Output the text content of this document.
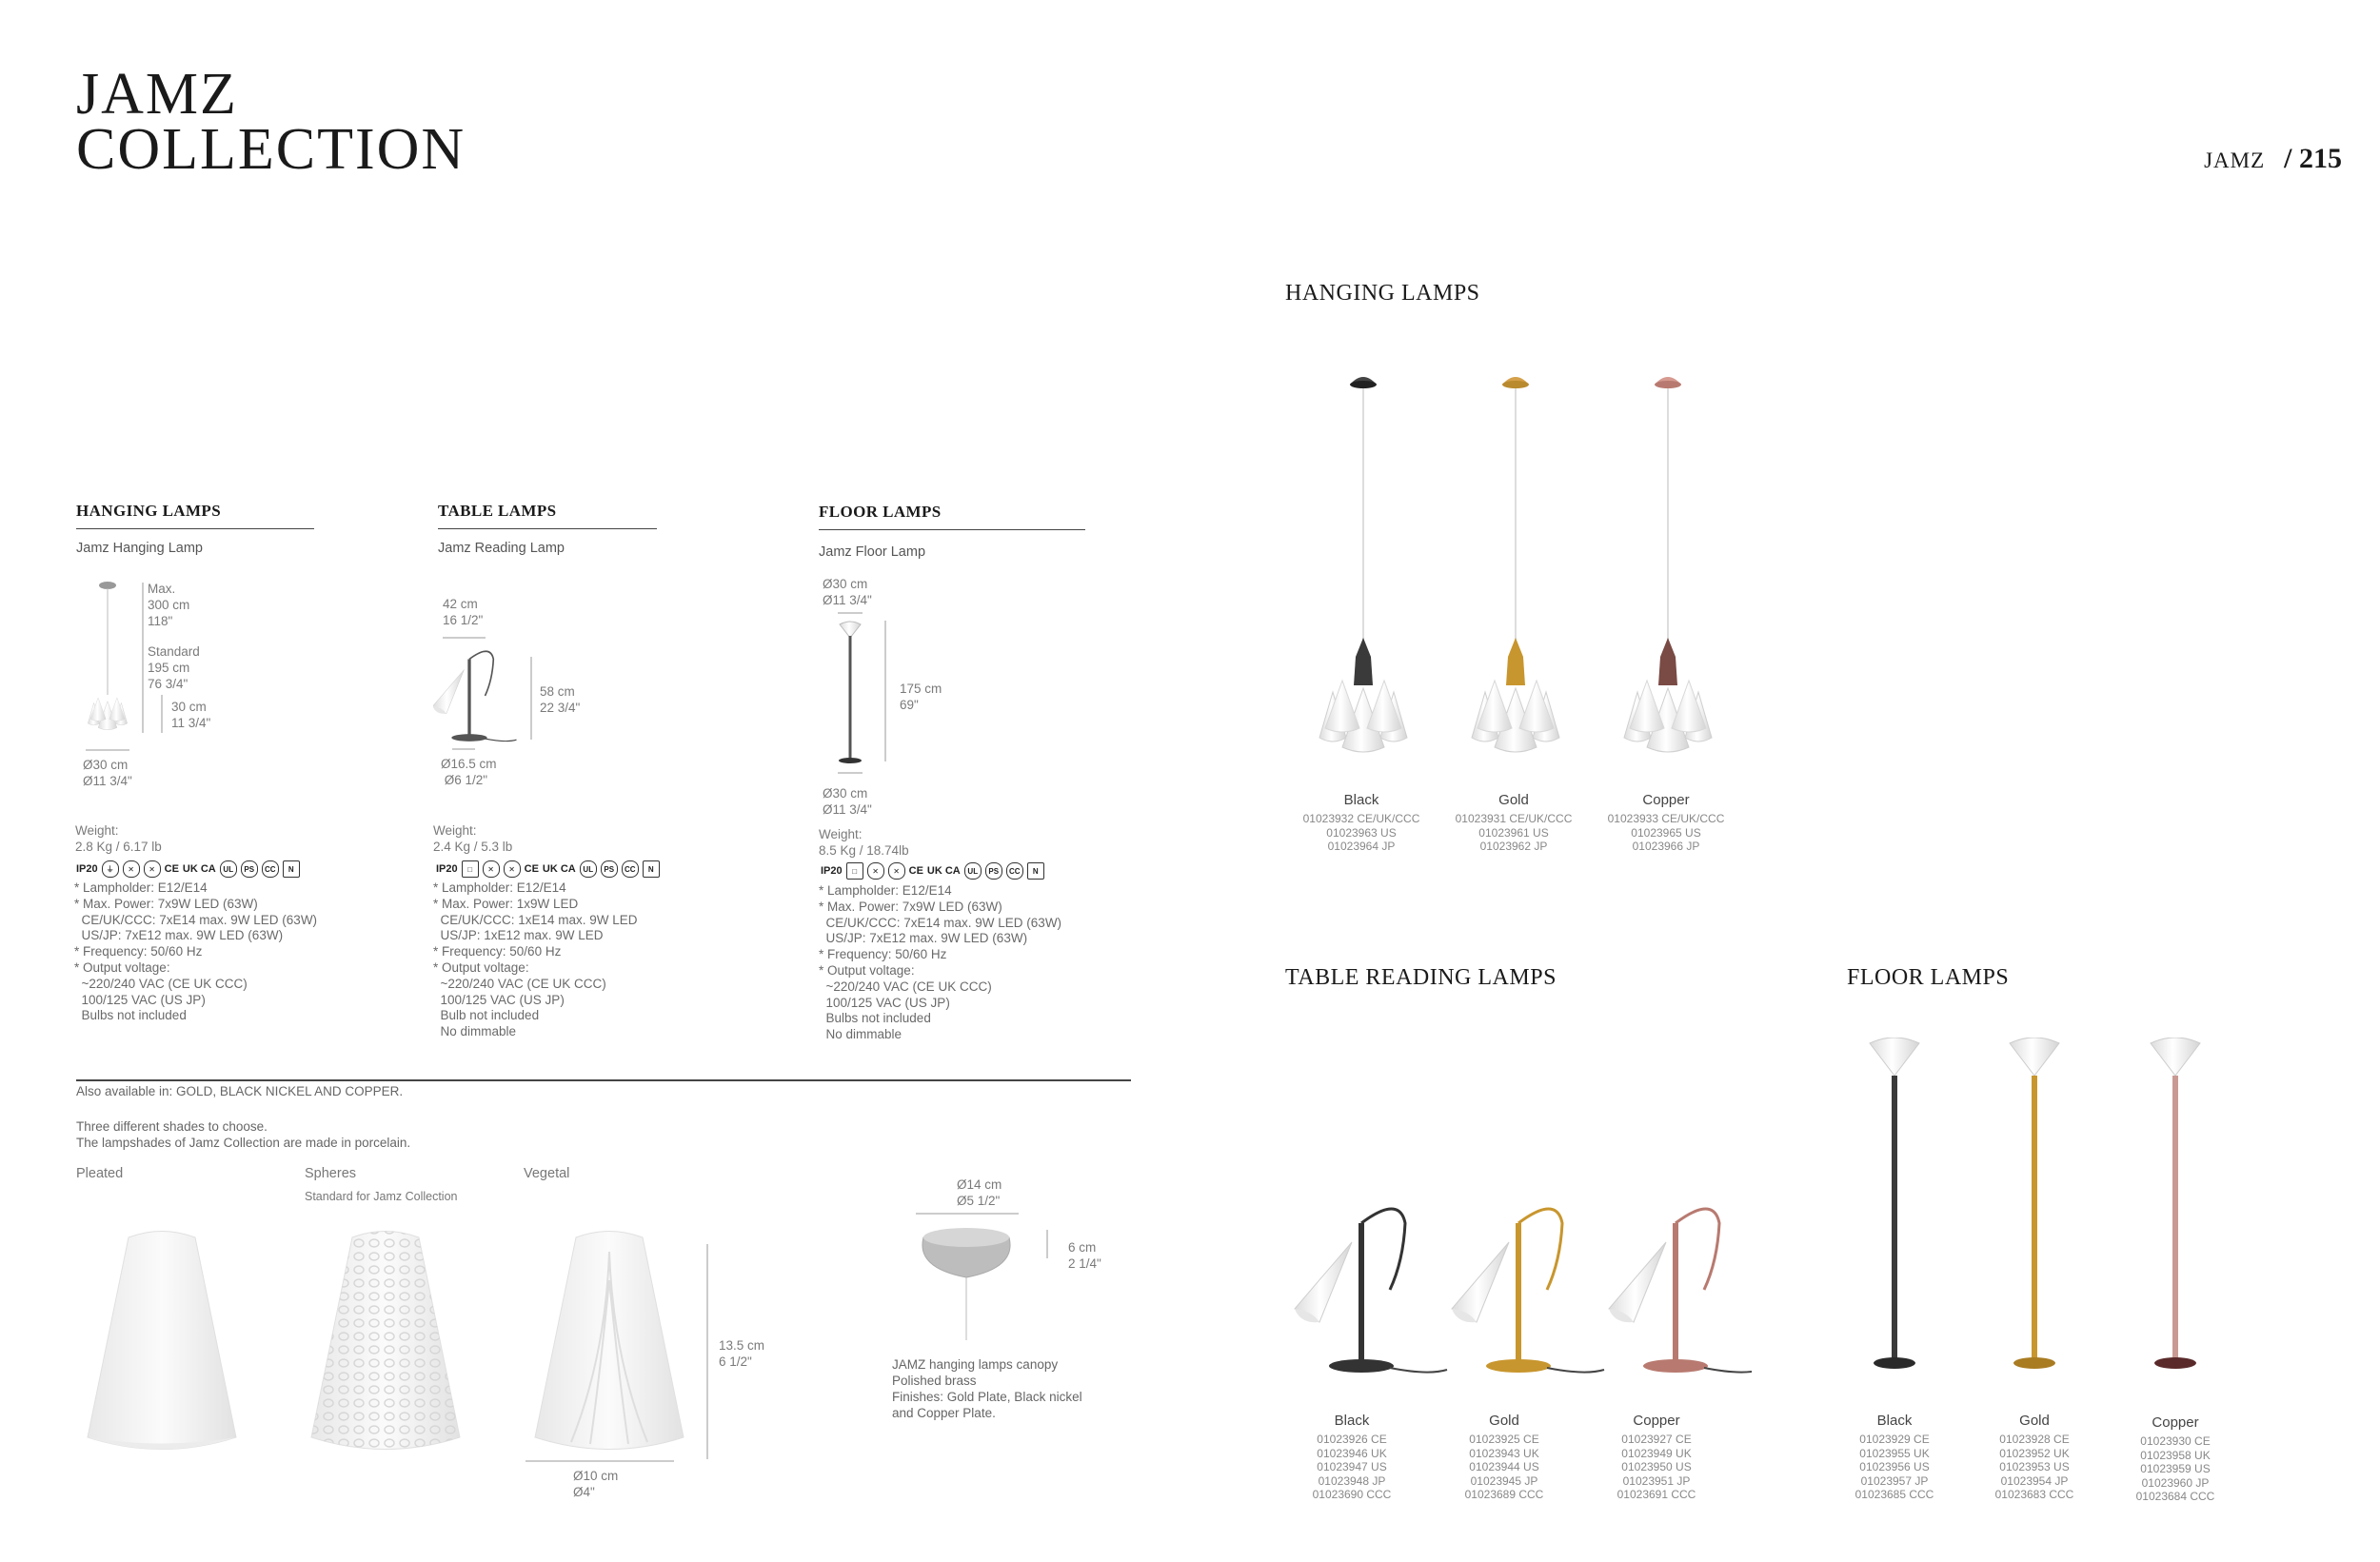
JAMZ
COLLECTION	JAMZ / 215
HANGING LAMPS
Jamz Hanging Lamp
Max.
300 cm
118"
Standard
195 cm
76 3/4"
30 cm
11 3/4"
Ø30 cm
Ø11 3/4"
Weight:
2.8 Kg / 6.17 lb
IP20	⏚	✕	✕ CE UK CA UL	PS	CC	N
* Lampholder: E12/E14
* Max. Power: 7x9W LED (63W)
CE/UK/CCC: 7xE14 max. 9W LED (63W)
US/JP: 7xE12 max. 9W LED (63W)
* Frequency: 50/60 Hz
* Output voltage:
~220/240 VAC (CE UK CCC)
100/125 VAC (US JP)
Bulbs not included
TABLE LAMPS
Jamz Reading Lamp
42 cm
16 1/2"
58 cm
22 3/4"
Ø16.5 cm
Ø6 1/2"
Weight:
2.4 Kg / 5.3 lb
IP20	□	✕	✕ CE UK CA UL	PS	CC	N
* Lampholder: E12/E14
* Max. Power: 1x9W LED
CE/UK/CCC: 1xE14 max. 9W LED
US/JP: 1xE12 max. 9W LED
* Frequency: 50/60 Hz
* Output voltage:
~220/240 VAC (CE UK CCC)
100/125 VAC (US JP)
Bulb not included
No dimmable
FLOOR LAMPS
Jamz Floor Lamp
Ø30 cm
Ø11 3/4"
175 cm
69"
Ø30 cm
Ø11 3/4"
Weight:
8.5 Kg / 18.74lb
IP20	□	✕	✕ CE UK CA UL	PS	CC	N
* Lampholder: E12/E14
* Max. Power: 7x9W LED (63W)
CE/UK/CCC: 7xE14 max. 9W LED (63W)
US/JP: 7xE12 max. 9W LED (63W)
* Frequency: 50/60 Hz
* Output voltage:
~220/240 VAC (CE UK CCC)
100/125 VAC (US JP)
Bulbs not included
No dimmable
Also available in: GOLD, BLACK NICKEL AND COPPER.
Three different shades to choose.
The lampshades of Jamz Collection are made in porcelain.
Pleated	Spheres
Standard for Jamz Collection
Vegetal
13.5 cm
6 1/2"
Ø10 cm
Ø4"
Ø14 cm
Ø5 1/2"
6 cm
2 1/4"
JAMZ hanging lamps canopy
Polished brass
Finishes: Gold Plate, Black nickel
and Copper Plate.
HANGING LAMPS
Black
01023932 CE/UK/CCC
01023963 US
01023964 JP
Gold
01023931 CE/UK/CCC
01023961 US
01023962 JP
Copper
01023933 CE/UK/CCC
01023965 US
01023966 JP
TABLE READING LAMPS
Black
01023926 CE
01023946 UK
01023947 US
01023948 JP
01023690 CCC
Gold
01023925 CE
01023943 UK
01023944 US
01023945 JP
01023689 CCC
Copper
01023927 CE
01023949 UK
01023950 US
01023951 JP
01023691 CCC
FLOOR LAMPS
Black
01023929 CE
01023955 UK
01023956 US
01023957 JP
01023685 CCC
Gold
01023928 CE
01023952 UK
01023953 US
01023954 JP
01023683 CCC
Copper
01023930 CE
01023958 UK
01023959 US
01023960 JP
01023684 CCC
